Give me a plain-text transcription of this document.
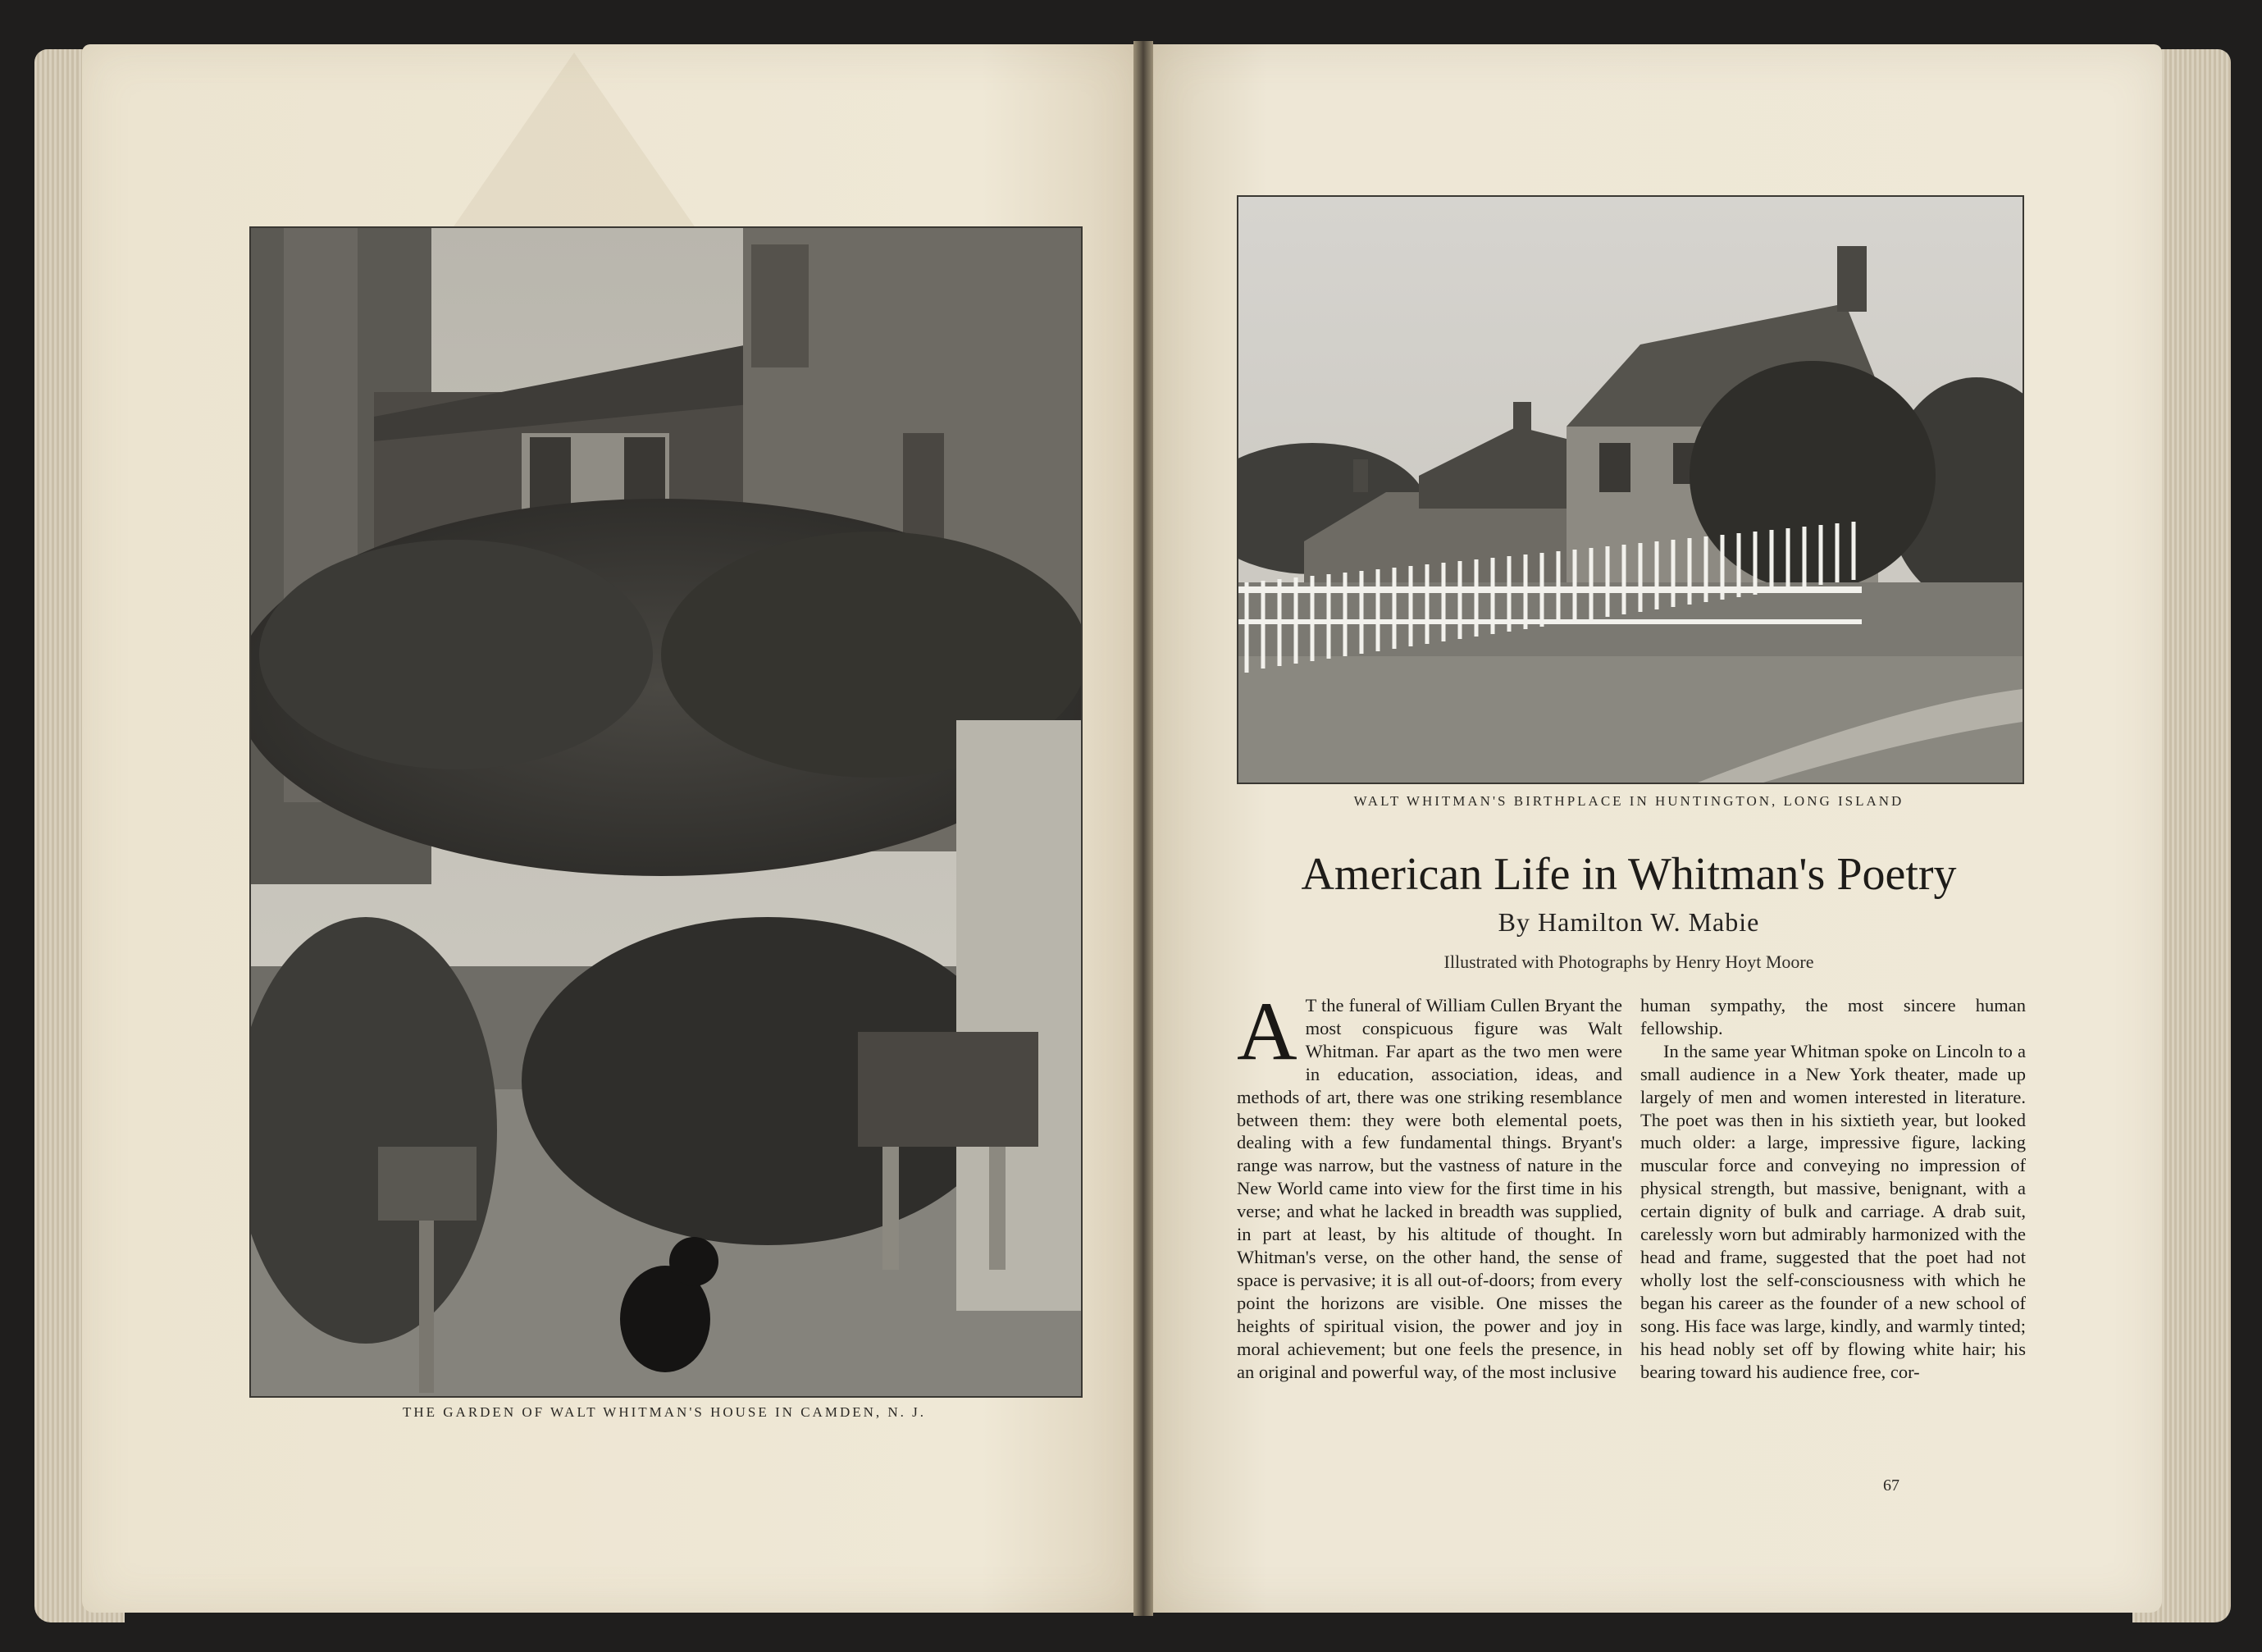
THE GARDEN OF WALT WHITMAN'S HOUSE IN CAMDEN, N. J.
WALT WHITMAN'S BIRTHPLACE IN HUNTINGTON, LONG ISLAND
American Life in Whitman's Poetry
By Hamilton W. Mabie
Illustrated with Photographs by Henry Hoyt Moore

A T the funeral of William Cullen Bryant the most conspicuous figure was Walt Whitman. Far apart as the two men were in education, association, ideas, and methods of art, there was one striking resemblance between them: they were both elemental poets, dealing with a few fundamental things. Bryant's range was narrow, but the vastness of nature in the New World came into view for the first time in his verse; and what he lacked in breadth was supplied, in part at least, by his altitude of thought. In Whitman's verse, on the other hand, the sense of space is pervasive; it is all out-of-doors; from every point the horizons are visible. One misses the heights of spiritual vision, the power and joy in moral achievement; but one feels the presence, in an original and powerful way, of the most inclusive

human sympathy, the most sincere human fellowship.

In the same year Whitman spoke on Lincoln to a small audience in a New York theater, made up largely of men and women interested in literature. The poet was then in his sixtieth year, but looked much older: a large, impressive figure, lacking muscular force and conveying no impression of physical strength, but massive, benignant, with a certain dignity of bulk and carriage. A drab suit, carelessly worn but admirably harmonized with the head and frame, suggested that the poet had not wholly lost the self-consciousness with which he began his career as the founder of a new school of song. His face was large, kindly, and warmly tinted; his head nobly set off by flowing white hair; his bearing toward his audience free, cor-

67
